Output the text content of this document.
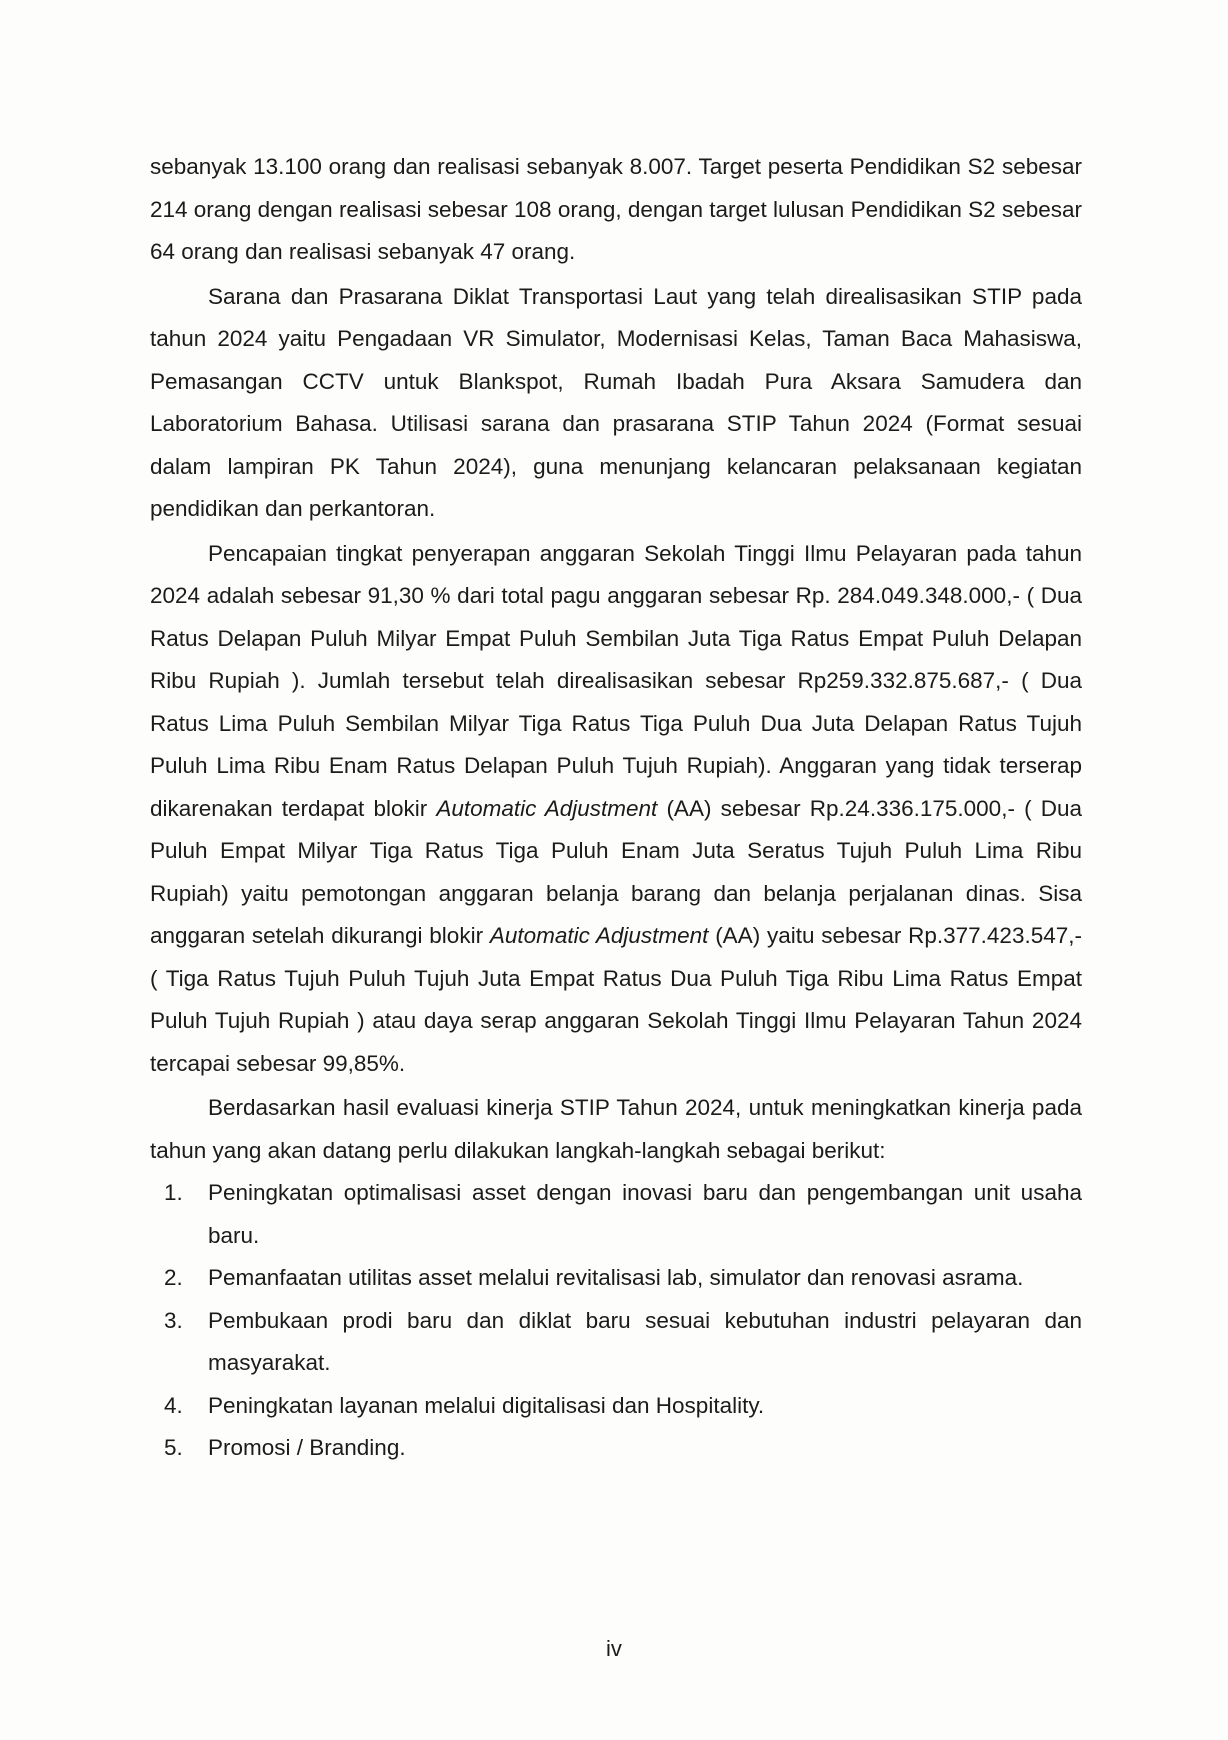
sebanyak 13.100 orang dan realisasi sebanyak 8.007. Target peserta Pendidikan S2 sebesar 214 orang dengan realisasi sebesar 108 orang, dengan target lulusan Pendidikan S2 sebesar 64 orang dan realisasi sebanyak 47 orang.

Sarana dan Prasarana Diklat Transportasi Laut yang telah direalisasikan STIP pada tahun 2024 yaitu Pengadaan VR Simulator, Modernisasi Kelas, Taman Baca Mahasiswa, Pemasangan CCTV untuk Blankspot, Rumah Ibadah Pura Aksara Samudera dan Laboratorium Bahasa. Utilisasi sarana dan prasarana STIP Tahun 2024 (Format sesuai dalam lampiran PK Tahun 2024), guna menunjang kelancaran pelaksanaan kegiatan pendidikan dan perkantoran.

Pencapaian tingkat penyerapan anggaran Sekolah Tinggi Ilmu Pelayaran pada tahun 2024 adalah sebesar 91,30 % dari total pagu anggaran sebesar Rp. 284.049.348.000,- ( Dua Ratus Delapan Puluh Milyar Empat Puluh Sembilan Juta Tiga Ratus Empat Puluh Delapan Ribu Rupiah ). Jumlah tersebut telah direalisasikan sebesar Rp259.332.875.687,- ( Dua Ratus Lima Puluh Sembilan Milyar Tiga Ratus Tiga Puluh Dua Juta Delapan Ratus Tujuh Puluh Lima Ribu Enam Ratus Delapan Puluh Tujuh Rupiah). Anggaran yang tidak terserap dikarenakan terdapat blokir Automatic Adjustment (AA) sebesar Rp.24.336.175.000,- ( Dua Puluh Empat Milyar Tiga Ratus Tiga Puluh Enam Juta Seratus Tujuh Puluh Lima Ribu Rupiah) yaitu pemotongan anggaran belanja barang dan belanja perjalanan dinas. Sisa anggaran setelah dikurangi blokir Automatic Adjustment (AA) yaitu sebesar Rp.377.423.547,- ( Tiga Ratus Tujuh Puluh Tujuh Juta Empat Ratus Dua Puluh Tiga Ribu Lima Ratus Empat Puluh Tujuh Rupiah ) atau daya serap anggaran Sekolah Tinggi Ilmu Pelayaran Tahun 2024 tercapai sebesar 99,85%.

Berdasarkan hasil evaluasi kinerja STIP Tahun 2024, untuk meningkatkan kinerja pada tahun yang akan datang perlu dilakukan langkah-langkah sebagai berikut:

1. Peningkatan optimalisasi asset dengan inovasi baru dan pengembangan unit usaha baru.
2. Pemanfaatan utilitas asset melalui revitalisasi lab, simulator dan renovasi asrama.
3. Pembukaan prodi baru dan diklat baru sesuai kebutuhan industri pelayaran dan masyarakat.
4. Peningkatan layanan melalui digitalisasi dan Hospitality.
5. Promosi / Branding.
iv
